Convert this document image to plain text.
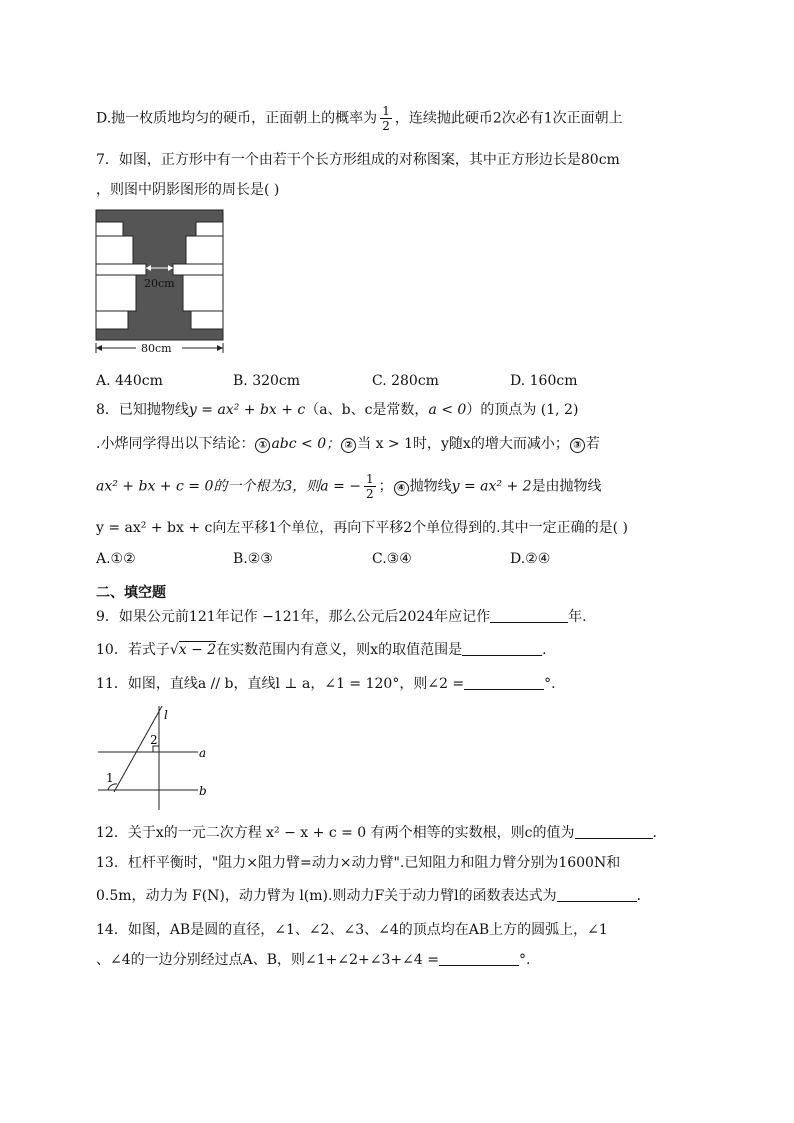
D.抛一枚质地均匀的硬币，正面朝上的概率为 $\frac{1}{2}$ ，连续抛此硬币2次必有1次正面朝上
7．如图，正方形中有一个由若干个长方形组成的对称图案，其中正方形边长是80cm
，则图中阴影图形的周长是( )
20cm
80cm
A. 440cm	B. 320cm	C. 280cm	D. 160cm
8．已知抛物线y = ax² + bx + c（a、b、c是常数，a < 0）的顶点为 (1, 2)
.小烨同学得出以下结论： ① abc < 0； ② 当 x > 1时，y随x的增大而减小； ③ 若
ax² + bx + c = 0的一个根为3，则a = − $\frac{1}{2}$ ； ④ 抛物线y = ax² + 2是由抛物线
y = ax² + bx + c向左平移1个单位，再向下平移2个单位得到的.其中一定正确的是( )
A.①②	B.②③	C.③④	D.②④
二、填空题
9．如果公元前121年记作 −121年，那么公元后2024年应记作	年.
10．若式子√x − 2在实数范围内有意义，则x的取值范围是	.
11．如图，直线a // b，直线l ⊥ a，∠1 = 120°，则∠2 =	°.
l
a
b
1
2
12．关于x的一元二次方程 x² − x + c = 0 有两个相等的实数根，则c的值为	.
13．杠杆平衡时，"阻力×阻力臂=动力×动力臂".已知阻力和阻力臂分别为1600N和
0.5m，动力为 F(N)，动力臂为 l(m).则动力F关于动力臂l的函数表达式为	.
14．如图，AB是圆的直径，∠1、∠2、∠3、∠4的顶点均在AB上方的圆弧上，∠1
、∠4的一边分别经过点A、B，则∠1+∠2+∠3+∠4 =	°.
